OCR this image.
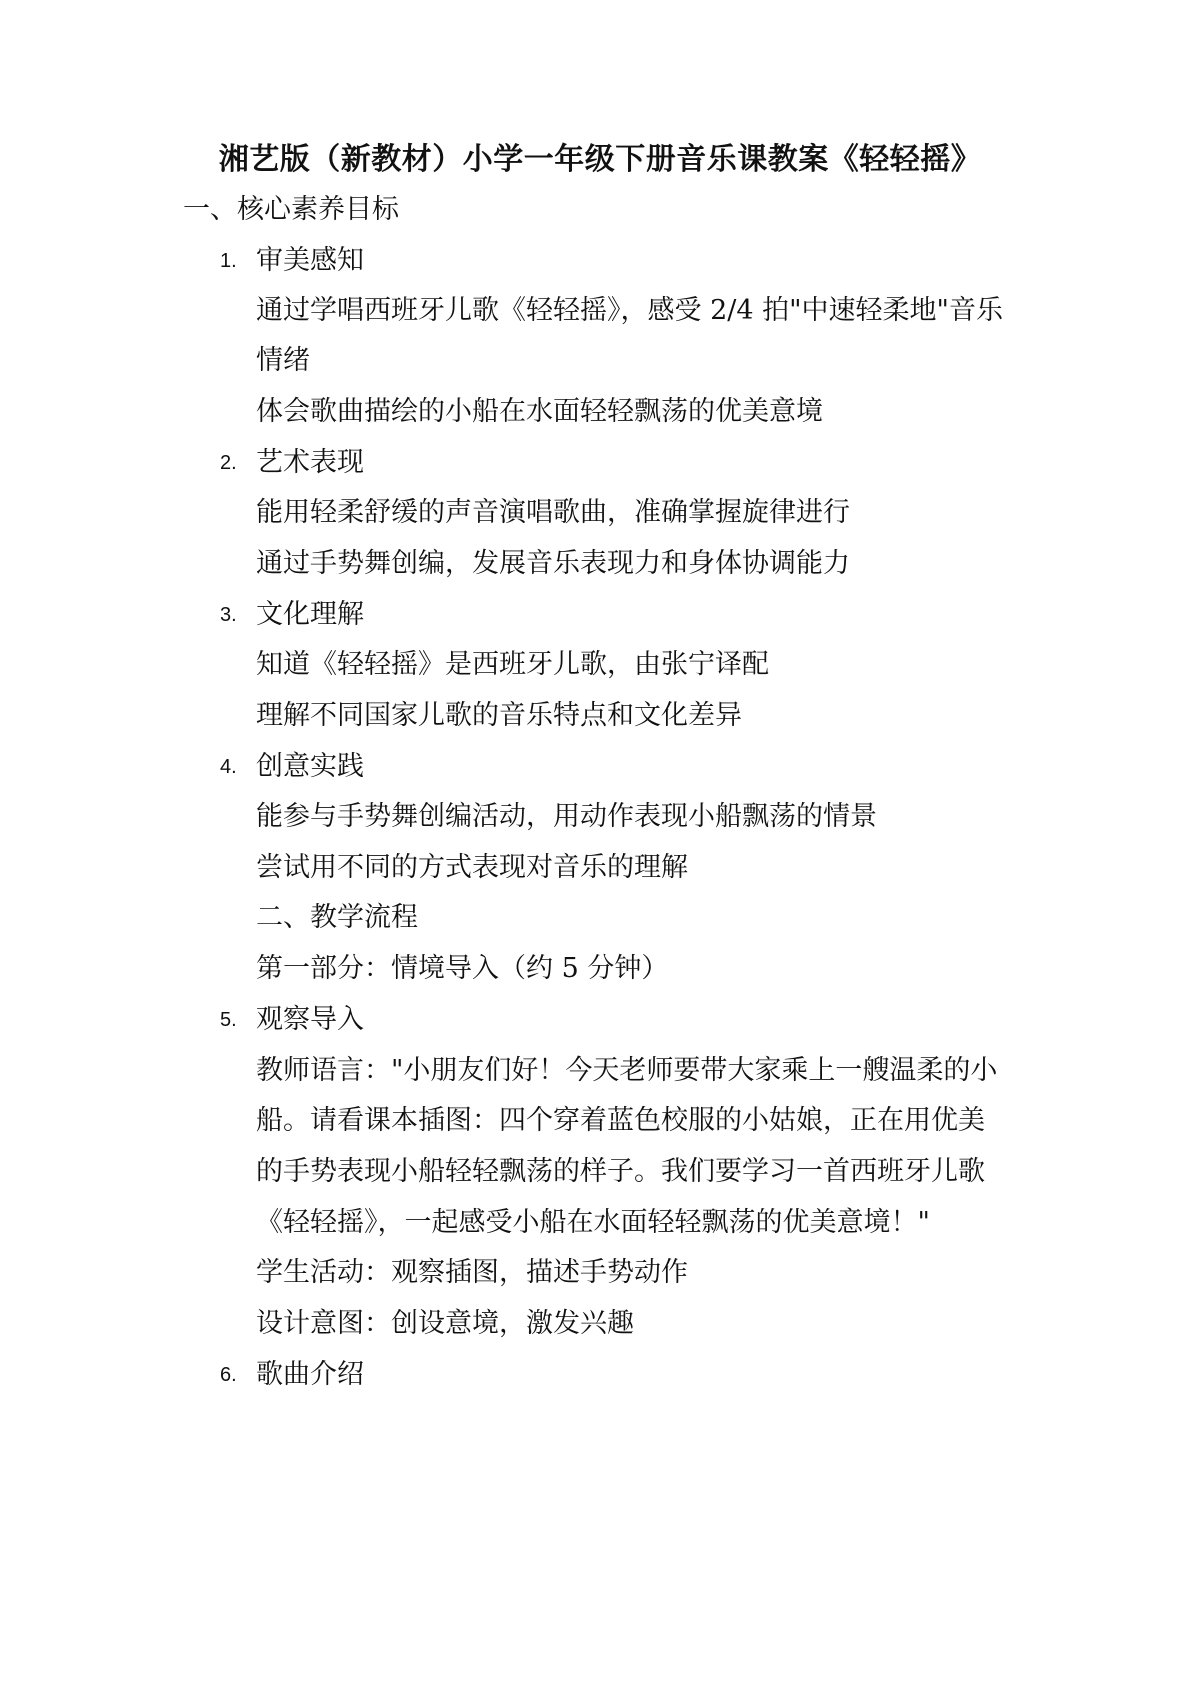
湘艺版（新教材）小学一年级下册音乐课教案《轻轻摇》
一、核心素养目标
1. 审美感知
通过学唱西班牙儿歌《轻轻摇》，感受 2/4 拍"中速轻柔地"音乐
情绪
体会歌曲描绘的小船在水面轻轻飘荡的优美意境
2. 艺术表现
能用轻柔舒缓的声音演唱歌曲，准确掌握旋律进行
通过手势舞创编，发展音乐表现力和身体协调能力
3. 文化理解
知道《轻轻摇》是西班牙儿歌，由张宁译配
理解不同国家儿歌的音乐特点和文化差异
4. 创意实践
能参与手势舞创编活动，用动作表现小船飘荡的情景
尝试用不同的方式表现对音乐的理解
二、教学流程
第一部分：情境导入（约 5 分钟）
5. 观察导入
教师语言："小朋友们好！今天老师要带大家乘上一艘温柔的小
船。请看课本插图：四个穿着蓝色校服的小姑娘，正在用优美
的手势表现小船轻轻飘荡的样子。我们要学习一首西班牙儿歌
《轻轻摇》，一起感受小船在水面轻轻飘荡的优美意境！"
学生活动：观察插图，描述手势动作
设计意图：创设意境，激发兴趣
6. 歌曲介绍
